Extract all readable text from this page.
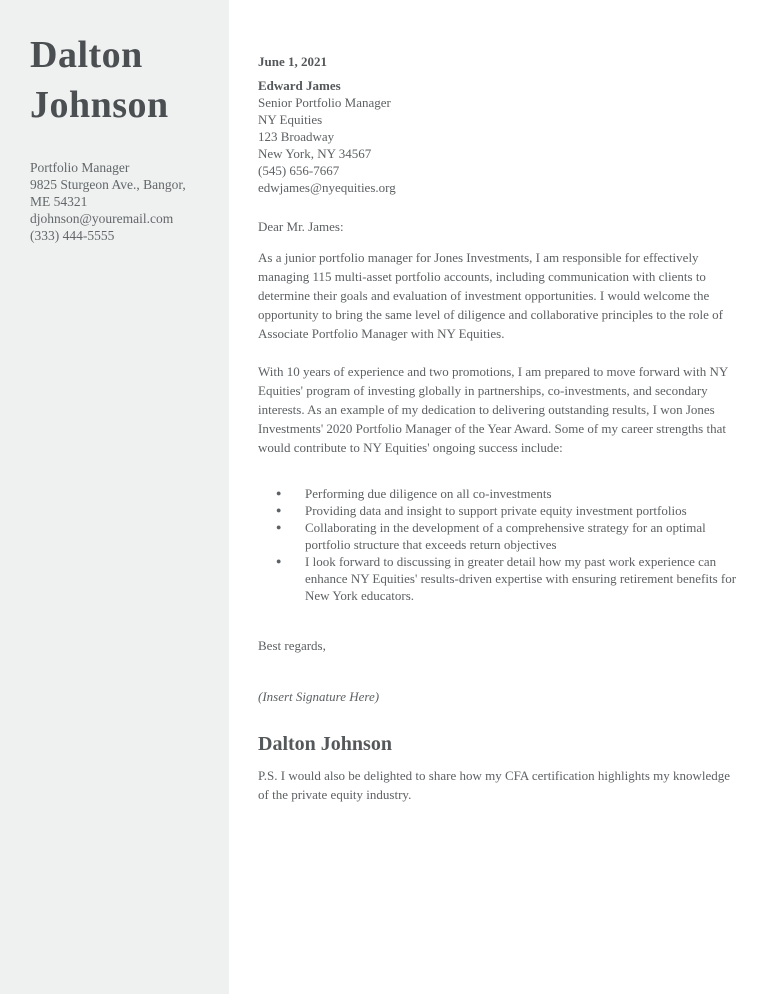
Dalton Johnson
Portfolio Manager
9825 Sturgeon Ave., Bangor,
ME 54321
djohnson@youremail.com
(333) 444-5555
June 1, 2021
Edward James
Senior Portfolio Manager
NY Equities
123 Broadway
New York, NY 34567
(545) 656-7667
edwjames@nyequities.org

Dear Mr. James:

As a junior portfolio manager for Jones Investments, I am responsible for effectively managing 115 multi-asset portfolio accounts, including communication with clients to determine their goals and evaluation of investment opportunities. I would welcome the opportunity to bring the same level of diligence and collaborative principles to the role of Associate Portfolio Manager with NY Equities.

With 10 years of experience and two promotions, I am prepared to move forward with NY Equities' program of investing globally in partnerships, co-investments, and secondary interests. As an example of my dedication to delivering outstanding results, I won Jones Investments' 2020 Portfolio Manager of the Year Award. Some of my career strengths that would contribute to NY Equities' ongoing success include:

● Performing due diligence on all co-investments
● Providing data and insight to support private equity investment portfolios
● Collaborating in the development of a comprehensive strategy for an optimal portfolio structure that exceeds return objectives
● I look forward to discussing in greater detail how my past work experience can enhance NY Equities' results-driven expertise with ensuring retirement benefits for New York educators.

Best regards,

(Insert Signature Here)

Dalton Johnson

P.S. I would also be delighted to share how my CFA certification highlights my knowledge of the private equity industry.
